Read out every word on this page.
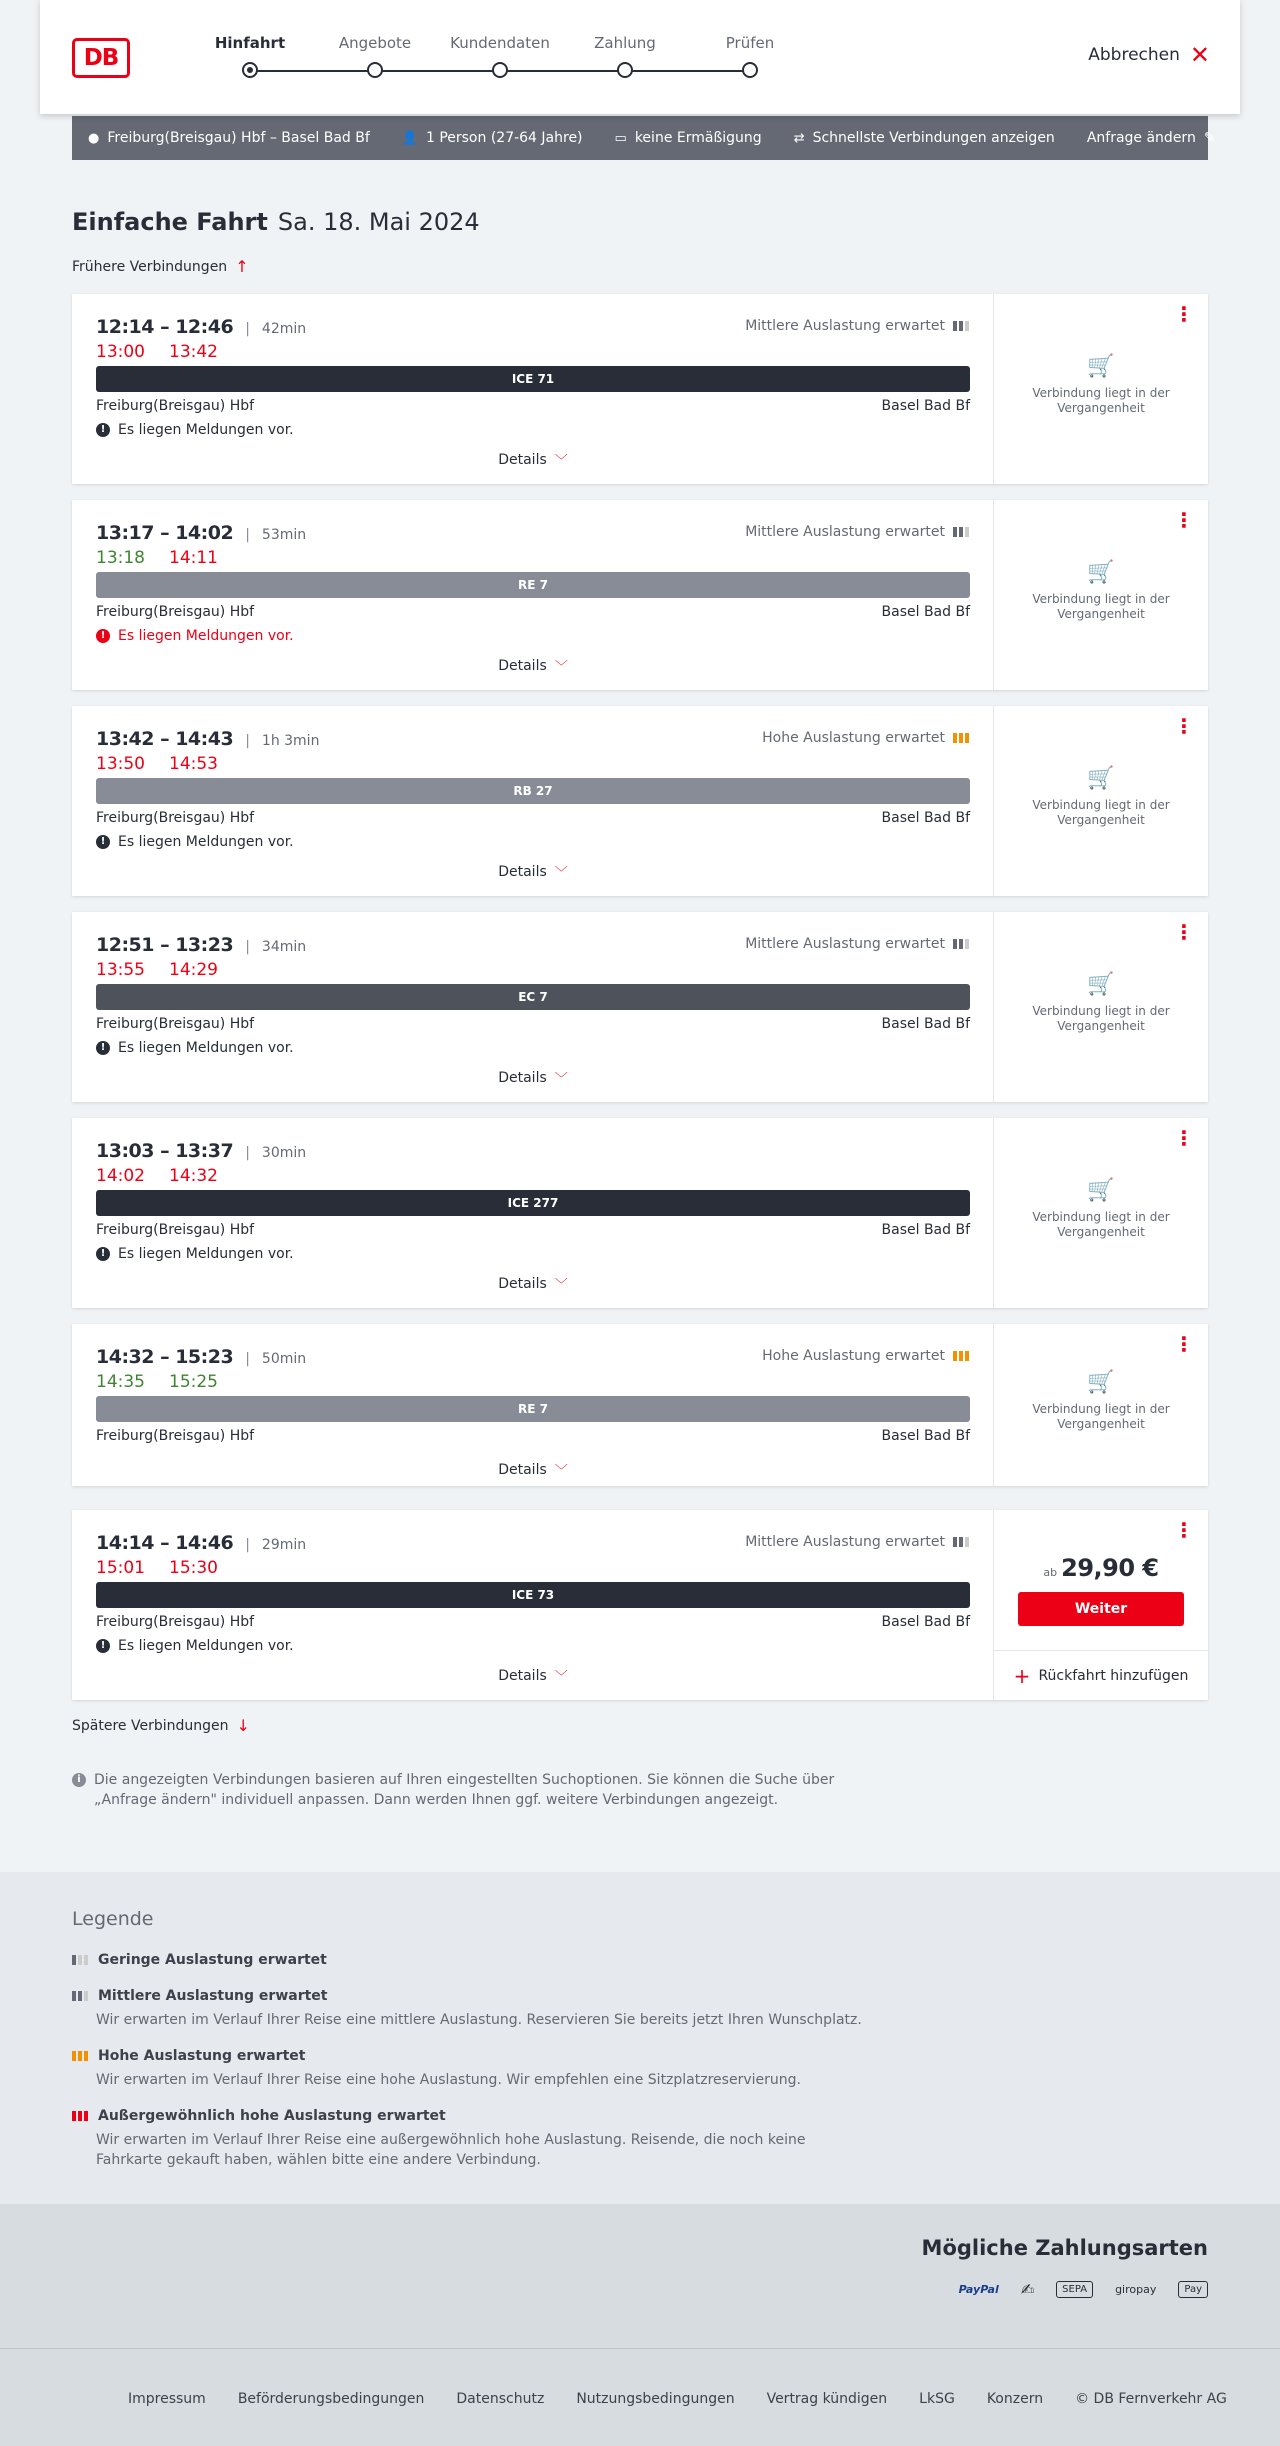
DB
Hinfahrt	Angebote	Kundendaten	Zahlung	Prüfen
Abbrechen ✕
● Freiburg(Breisgau) Hbf – Basel Bad Bf 👤 1 Person (27-64 Jahre) ▭ keine Ermäßigung ⇄ Schnellste Verbindungen anzeigen Anfrage ändern ✎
Einfache Fahrt Sa. 18. Mai 2024
Frühere Verbindungen ↑
12:14 – 12:46 | 42min	Mittlere Auslastung erwartet
13:00 13:42
ICE 71
Freiburg(Breisgau) Hbf	Basel Bad Bf
! Es liegen Meldungen vor.
Details ﹀
⋮
🛒
Verbindung liegt in der Vergangenheit
13:17 – 14:02 | 53min	Mittlere Auslastung erwartet
13:18 14:11
RE 7
Freiburg(Breisgau) Hbf	Basel Bad Bf
! Es liegen Meldungen vor.
Details ﹀
⋮
🛒
Verbindung liegt in der Vergangenheit
13:42 – 14:43 | 1h 3min	Hohe Auslastung erwartet
13:50 14:53
RB 27
Freiburg(Breisgau) Hbf	Basel Bad Bf
! Es liegen Meldungen vor.
Details ﹀
⋮
🛒
Verbindung liegt in der Vergangenheit
12:51 – 13:23 | 34min	Mittlere Auslastung erwartet
13:55 14:29
EC 7
Freiburg(Breisgau) Hbf	Basel Bad Bf
! Es liegen Meldungen vor.
Details ﹀
⋮
🛒
Verbindung liegt in der Vergangenheit
13:03 – 13:37 | 30min
14:02 14:32
ICE 277
Freiburg(Breisgau) Hbf	Basel Bad Bf
! Es liegen Meldungen vor.
Details ﹀
⋮
🛒
Verbindung liegt in der Vergangenheit
14:32 – 15:23 | 50min	Hohe Auslastung erwartet
14:35 15:25
RE 7
Freiburg(Breisgau) Hbf	Basel Bad Bf
Details ﹀
⋮
🛒
Verbindung liegt in der Vergangenheit
14:14 – 14:46 | 29min	Mittlere Auslastung erwartet
15:01 15:30
ICE 73
Freiburg(Breisgau) Hbf	Basel Bad Bf
! Es liegen Meldungen vor.
Details ﹀
⋮
ab 29,90 €
Weiter
+ Rückfahrt hinzufügen
Spätere Verbindungen ↓
i Die angezeigten Verbindungen basieren auf Ihren eingestellten Suchoptionen. Sie können die Suche über „Anfrage ändern" individuell anpassen. Dann werden Ihnen ggf. weitere Verbindungen angezeigt.
Legende
Geringe Auslastung erwartet
Mittlere Auslastung erwartet
Wir erwarten im Verlauf Ihrer Reise eine mittlere Auslastung. Reservieren Sie bereits jetzt Ihren Wunschplatz.
Hohe Auslastung erwartet
Wir erwarten im Verlauf Ihrer Reise eine hohe Auslastung. Wir empfehlen eine Sitzplatzreservierung.
Außergewöhnlich hohe Auslastung erwartet
Wir erwarten im Verlauf Ihrer Reise eine außergewöhnlich hohe Auslastung. Reisende, die noch keine Fahrkarte gekauft haben, wählen bitte eine andere Verbindung.
Mögliche Zahlungsarten
PayPal ✍	SEPA	giropay	Pay
Impressum Beförderungsbedingungen Datenschutz Nutzungsbedingungen Vertrag kündigen LkSG Konzern © DB Fernverkehr AG
